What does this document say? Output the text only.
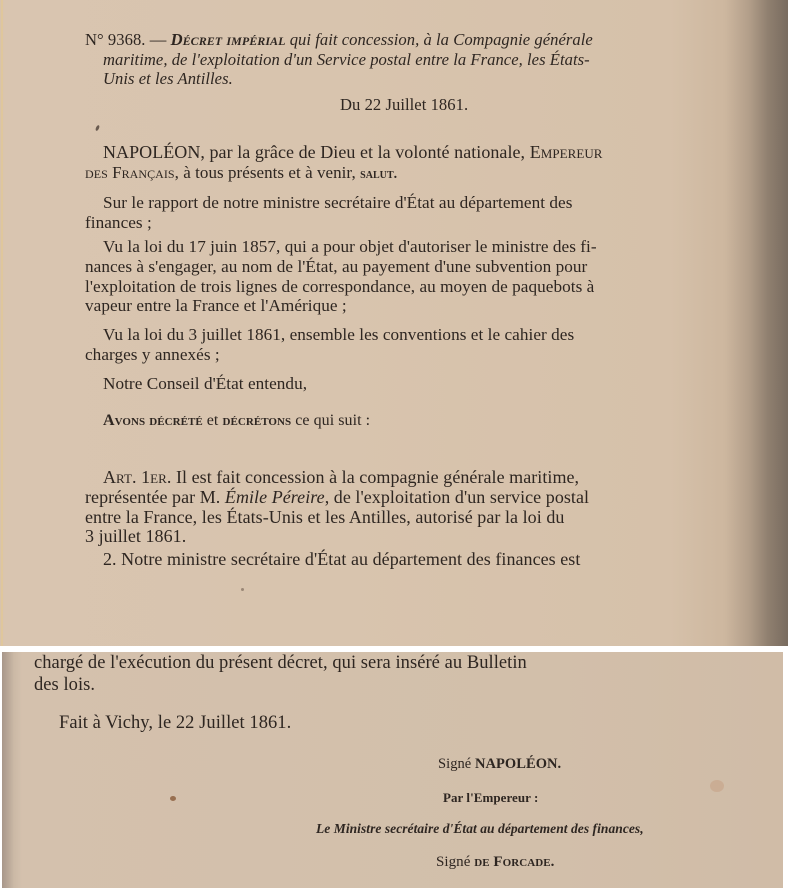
N° 9368. — Décret impérial qui fait concession, à la Compagnie générale
maritime, de l'exploitation d'un Service postal entre la France, les États-
Unis et les Antilles.
Du 22 Juillet 1861.
NAPOLÉON, par la grâce de Dieu et la volonté nationale, Empereur
des Français, à tous présents et à venir, salut.
Sur le rapport de notre ministre secrétaire d'État au département des
finances ;
Vu la loi du 17 juin 1857, qui a pour objet d'autoriser le ministre des fi-
nances à s'engager, au nom de l'État, au payement d'une subvention pour
l'exploitation de trois lignes de correspondance, au moyen de paquebots à
vapeur entre la France et l'Amérique ;
Vu la loi du 3 juillet 1861, ensemble les conventions et le cahier des
charges y annexés ;
Notre Conseil d'État entendu,
Avons décrété et décrétons ce qui suit :
Art. 1er. Il est fait concession à la compagnie générale maritime,
représentée par M. Émile Péreire, de l'exploitation d'un service postal
entre la France, les États-Unis et les Antilles, autorisé par la loi du
3 juillet 1861.
2. Notre ministre secrétaire d'État au département des finances est
chargé de l'exécution du présent décret, qui sera inséré au Bulletin
des lois.
Fait à Vichy, le 22 Juillet 1861.
Signé NAPOLÉON.
Par l'Empereur :
Le Ministre secrétaire d'État au département des finances,
Signé de Forcade.
